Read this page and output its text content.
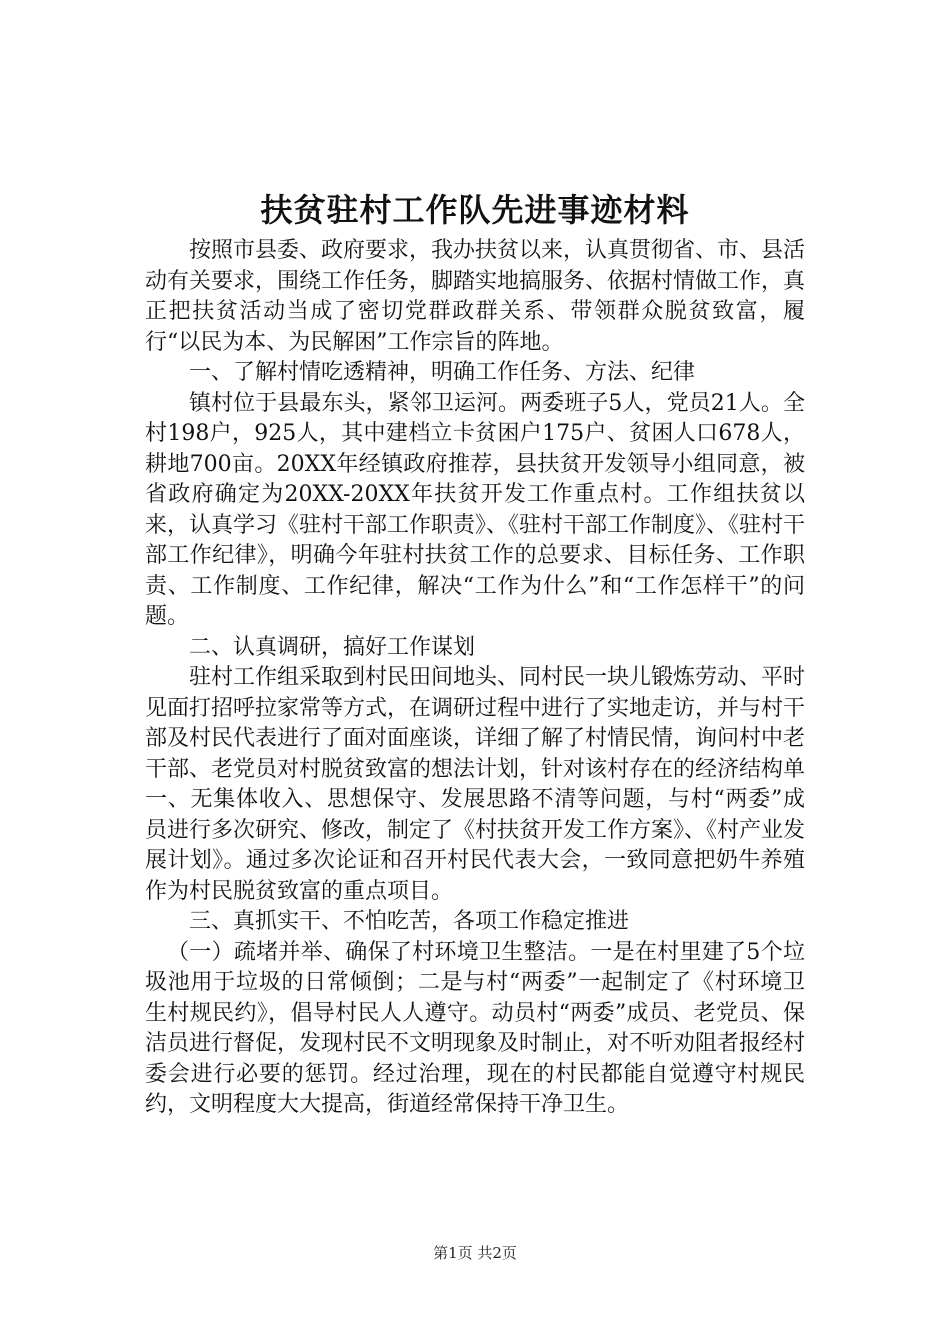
扶贫驻村工作队先进事迹材料

按照市县委、政府要求，我办扶贫以来，认真贯彻省、市、县活动有关要求，围绕工作任务，脚踏实地搞服务、依据村情做工作，真正把扶贫活动当成了密切党群政群关系、带领群众脱贫致富，履行“以民为本、为民解困”工作宗旨的阵地。

一、了解村情吃透精神，明确工作任务、方法、纪律

镇村位于县最东头，紧邻卫运河。两委班子5人，党员21人。全村198户，925人，其中建档立卡贫困户175户、贫困人口678人，耕地700亩。20XX年经镇政府推荐，县扶贫开发领导小组同意，被省政府确定为20XX-20XX年扶贫开发工作重点村。工作组扶贫以来，认真学习《驻村干部工作职责》、《驻村干部工作制度》、《驻村干部工作纪律》，明确今年驻村扶贫工作的总要求、目标任务、工作职责、工作制度、工作纪律，解决“工作为什么”和“工作怎样干”的问题。

二、认真调研，搞好工作谋划

驻村工作组采取到村民田间地头、同村民一块儿锻炼劳动、平时见面打招呼拉家常等方式，在调研过程中进行了实地走访，并与村干部及村民代表进行了面对面座谈，详细了解了村情民情，询问村中老干部、老党员对村脱贫致富的想法计划，针对该村存在的经济结构单一、无集体收入、思想保守、发展思路不清等问题，与村“两委”成员进行多次研究、修改，制定了《村扶贫开发工作方案》、《村产业发展计划》。通过多次论证和召开村民代表大会，一致同意把奶牛养殖作为村民脱贫致富的重点项目。

三、真抓实干、不怕吃苦，各项工作稳定推进

（一）疏堵并举、确保了村环境卫生整洁。一是在村里建了5个垃圾池用于垃圾的日常倾倒；二是与村“两委”一起制定了《村环境卫生村规民约》，倡导村民人人遵守。动员村“两委”成员、老党员、保洁员进行督促，发现村民不文明现象及时制止，对不听劝阻者报经村委会进行必要的惩罚。经过治理，现在的村民都能自觉遵守村规民约，文明程度大大提高，街道经常保持干净卫生。

第1页 共2页
